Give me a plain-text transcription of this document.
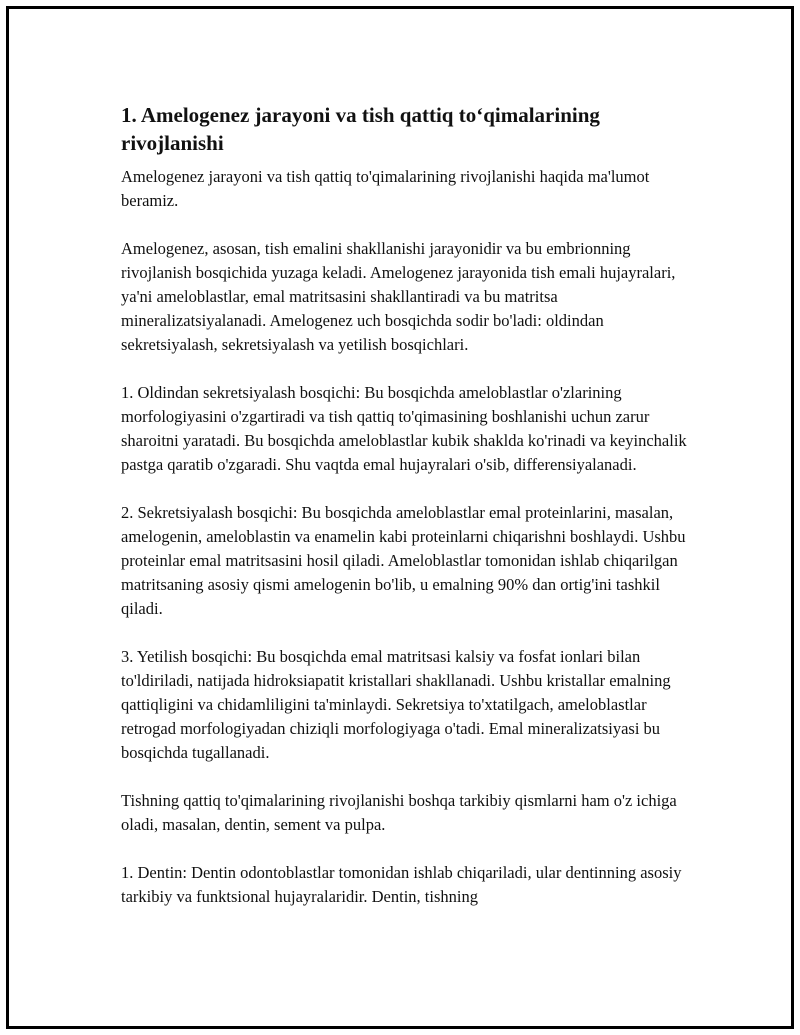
1. Amelogenez jarayoni va tish qattiq to‘qimalarining rivojlanishi

Amelogenez jarayoni va tish qattiq to'qimalarining rivojlanishi haqida ma'lumot beramiz.

Amelogenez, asosan, tish emalini shakllanishi jarayonidir va bu embrionning rivojlanish bosqichida yuzaga keladi. Amelogenez jarayonida tish emali hujayralari, ya'ni ameloblastlar, emal matritsasini shakllantiradi va bu matritsa mineralizatsiyalanadi. Amelogenez uch bosqichda sodir bo'ladi: oldindan sekretsiyalash, sekretsiyalash va yetilish bosqichlari.

1. Oldindan sekretsiyalash bosqichi: Bu bosqichda ameloblastlar o'zlarining morfologiyasini o'zgartiradi va tish qattiq to'qimasining boshlanishi uchun zarur sharoitni yaratadi. Bu bosqichda ameloblastlar kubik shaklda ko'rinadi va keyinchalik pastga qaratib o'zgaradi. Shu vaqtda emal hujayralari o'sib, differensiyalanadi.

2. Sekretsiyalash bosqichi: Bu bosqichda ameloblastlar emal proteinlarini, masalan, amelogenin, ameloblastin va enamelin kabi proteinlarni chiqarishni boshlaydi. Ushbu proteinlar emal matritsasini hosil qiladi. Ameloblastlar tomonidan ishlab chiqarilgan matritsaning asosiy qismi amelogenin bo'lib, u emalning 90% dan ortig'ini tashkil qiladi.

3. Yetilish bosqichi: Bu bosqichda emal matritsasi kalsiy va fosfat ionlari bilan to'ldiriladi, natijada hidroksiapatit kristallari shakllanadi. Ushbu kristallar emalning qattiqligini va chidamliligini ta'minlaydi. Sekretsiya to'xtatilgach, ameloblastlar retrogad morfologiyadan chiziqli morfologiyaga o'tadi. Emal mineralizatsiyasi bu bosqichda tugallanadi.

Tishning qattiq to'qimalarining rivojlanishi boshqa tarkibiy qismlarni ham o'z ichiga oladi, masalan, dentin, sement va pulpa.

1. Dentin: Dentin odontoblastlar tomonidan ishlab chiqariladi, ular dentinning asosiy tarkibiy va funktsional hujayralaridir. Dentin, tishning
